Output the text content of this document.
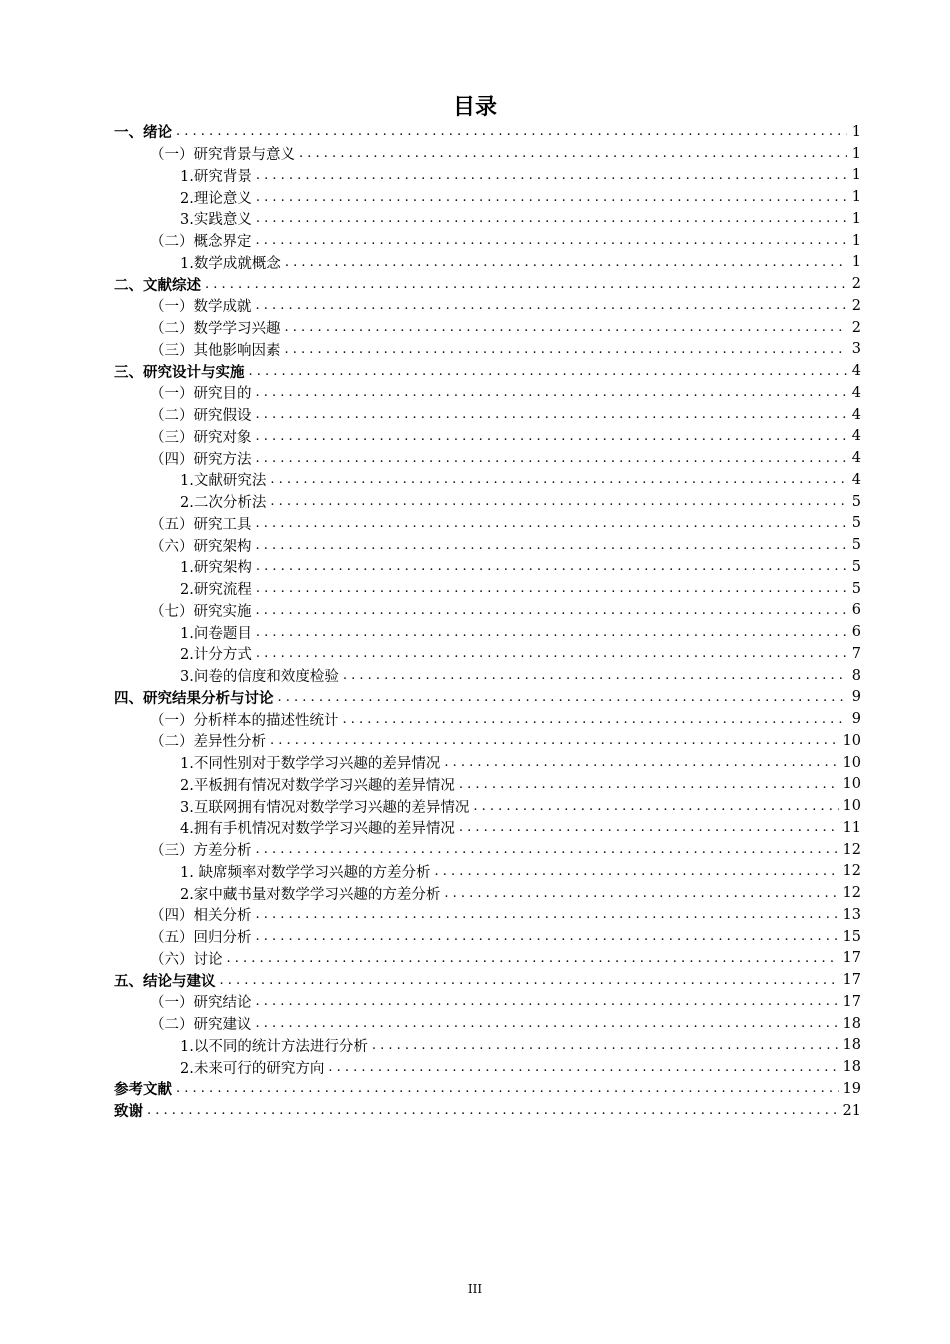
目录
一、绪论 . . .	1
（一）研究背景与意义 . . .	1
1.研究背景 . . .	1
2.理论意义 . . .	1
3.实践意义 . . .	1
（二）概念界定 . . .	1
1.数学成就概念 . . .	1
二、文献综述 . . .	2
（一）数学成就 . . .	2
（二）数学学习兴趣 . . .	2
（三）其他影响因素 . . .	3
三、研究设计与实施 . . .	4
（一）研究目的 . . .	4
（二）研究假设 . . .	4
（三）研究对象 . . .	4
（四）研究方法 . . .	4
1.文献研究法 . . .	4
2.二次分析法 . . .	5
（五）研究工具 . . .	5
（六）研究架构 . . .	5
1.研究架构 . . .	5
2.研究流程 . . .	5
（七）研究实施 . . .	6
1.问卷题目 . . .	6
2.计分方式 . . .	7
3.问卷的信度和效度检验 . . .	8
四、研究结果分析与讨论 . . .	9
（一）分析样本的描述性统计 . . .	9
（二）差异性分析 . . .	10
1.不同性别对于数学学习兴趣的差异情况 . . .	10
2.平板拥有情况对数学学习兴趣的差异情况 . . .	10
3.互联网拥有情况对数学学习兴趣的差异情况 . . .	10
4.拥有手机情况对数学学习兴趣的差异情况 . . .	11
（三）方差分析 . . .	12
1. 缺席频率对数学学习兴趣的方差分析 . . .	12
2.家中藏书量对数学学习兴趣的方差分析 . . .	12
（四）相关分析 . . .	13
（五）回归分析 . . .	15
（六）讨论 . . .	17
五、结论与建议 . . .	17
（一）研究结论 . . .	17
（二）研究建议 . . .	18
1.以不同的统计方法进行分析 . . .	18
2.未来可行的研究方向 . . .	18
参考文献 . . .	19
致谢 . . .	21
III
